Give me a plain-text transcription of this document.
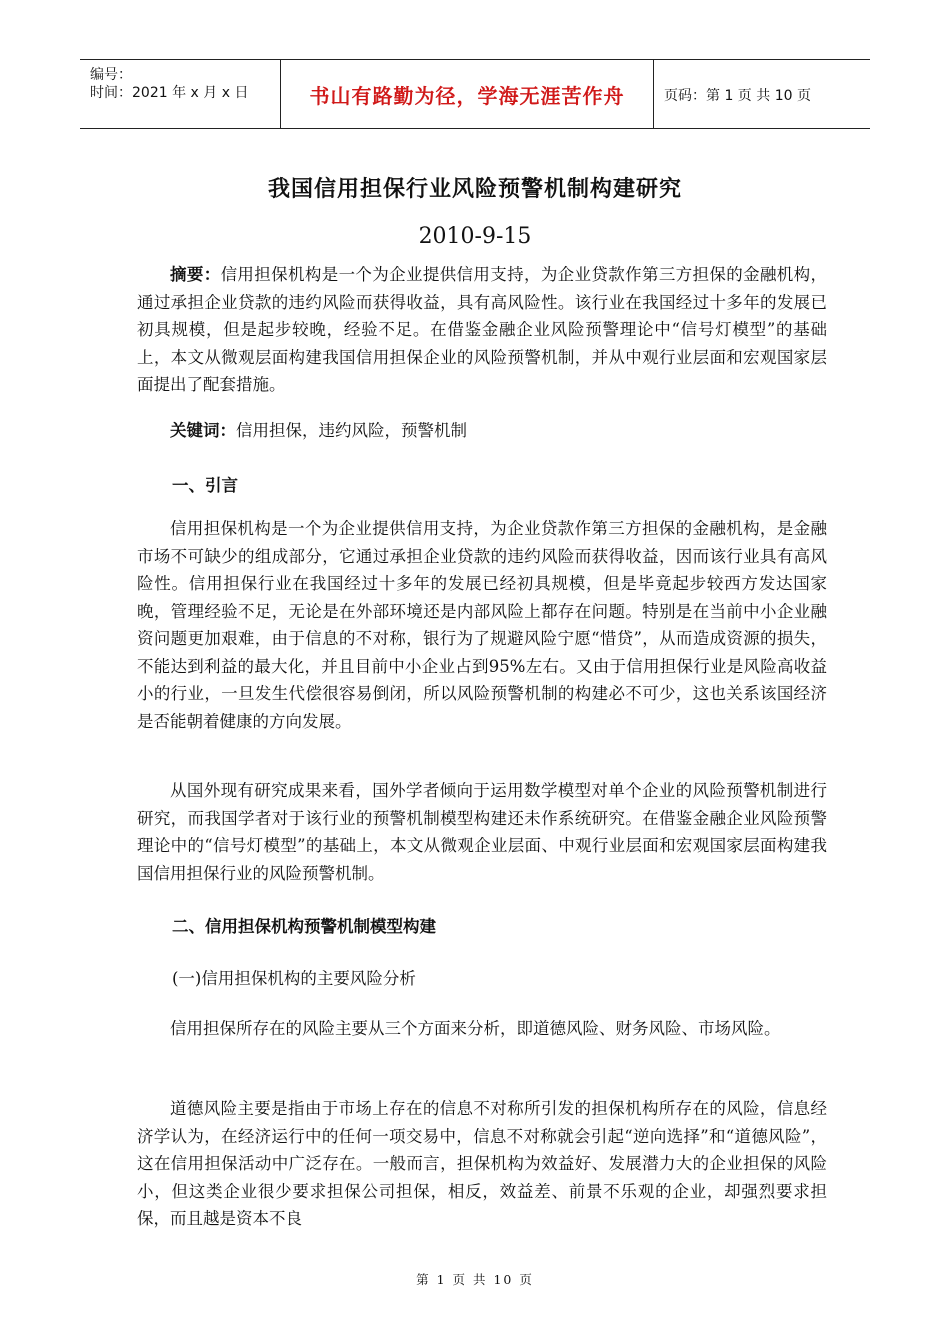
编号：
时间：2021 年 x 月 x 日	书山有路勤为径，学海无涯苦作舟	页码：第 1 页 共 10 页
我国信用担保行业风险预警机制构建研究
2010-9-15

摘要：信用担保机构是一个为企业提供信用支持，为企业贷款作第三方担保的金融机构，通过承担企业贷款的违约风险而获得收益，具有高风险性。该行业在我国经过十多年的发展已初具规模，但是起步较晚，经验不足。在借鉴金融企业风险预警理论中“信号灯模型”的基础上，本文从微观层面构建我国信用担保企业的风险预警机制，并从中观行业层面和宏观国家层面提出了配套措施。

关键词：信用担保，违约风险，预警机制

一、引言

信用担保机构是一个为企业提供信用支持，为企业贷款作第三方担保的金融机构，是金融市场不可缺少的组成部分，它通过承担企业贷款的违约风险而获得收益，因而该行业具有高风险性。信用担保行业在我国经过十多年的发展已经初具规模，但是毕竟起步较西方发达国家晚，管理经验不足，无论是在外部环境还是内部风险上都存在问题。特别是在当前中小企业融资问题更加艰难，由于信息的不对称，银行为了规避风险宁愿“惜贷”，从而造成资源的损失，不能达到利益的最大化，并且目前中小企业占到95%左右。又由于信用担保行业是风险高收益小的行业，一旦发生代偿很容易倒闭，所以风险预警机制的构建必不可少，这也关系该国经济是否能朝着健康的方向发展。

从国外现有研究成果来看，国外学者倾向于运用数学模型对单个企业的风险预警机制进行研究，而我国学者对于该行业的预警机制模型构建还未作系统研究。在借鉴金融企业风险预警理论中的“信号灯模型”的基础上，本文从微观企业层面、中观行业层面和宏观国家层面构建我国信用担保行业的风险预警机制。

二、信用担保机构预警机制模型构建
(一)信用担保机构的主要风险分析

信用担保所存在的风险主要从三个方面来分析，即道德风险、财务风险、市场风险。

道德风险主要是指由于市场上存在的信息不对称所引发的担保机构所存在的风险，信息经济学认为，在经济运行中的任何一项交易中，信息不对称就会引起“逆向选择”和“道德风险”，这在信用担保活动中广泛存在。一般而言，担保机构为效益好、发展潜力大的企业担保的风险小，但这类企业很少要求担保公司担保，相反，效益差、前景不乐观的企业，却强烈要求担保，而且越是资本不良

第 1 页 共 10 页
